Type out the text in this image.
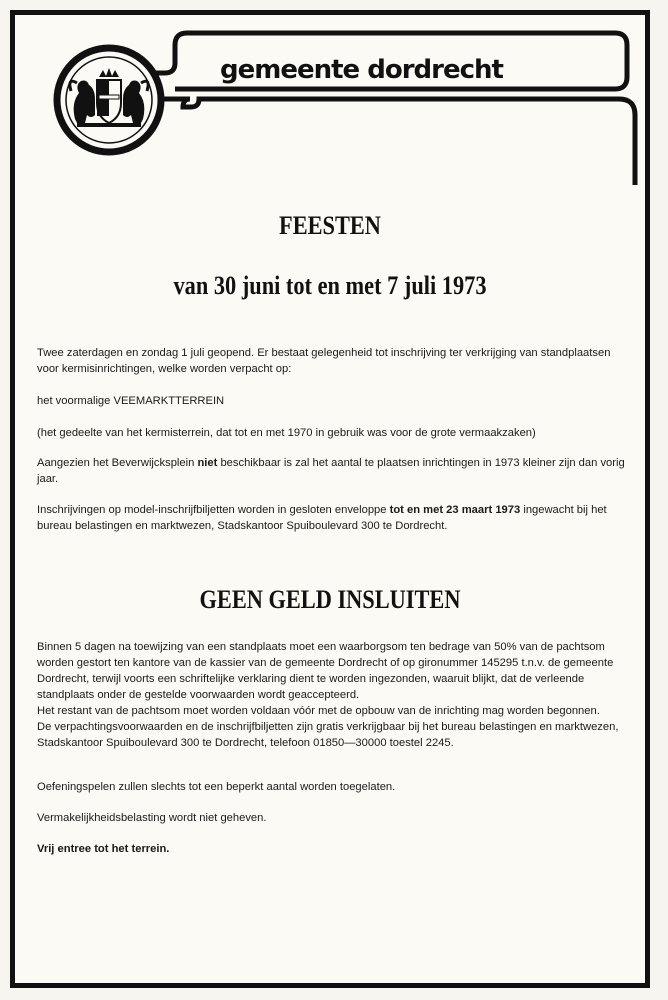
gemeente dordrecht
FEESTEN
van 30 juni tot en met 7 juli 1973

Twee zaterdagen en zondag 1 juli geopend. Er bestaat gelegenheid tot inschrijving ter verkrijging van standplaatsen voor kermisinrichtingen, welke worden verpacht op:

het voormalige VEEMARKTTERREIN

(het gedeelte van het kermisterrein, dat tot en met 1970 in gebruik was voor de grote vermaakzaken)

Aangezien het Beverwijcksplein niet beschikbaar is zal het aantal te plaatsen inrichtingen in 1973 kleiner zijn dan vorig jaar.

Inschrijvingen op model-inschrijfbiljetten worden in gesloten enveloppe tot en met 23 maart 1973 ingewacht bij het bureau belastingen en marktwezen, Stadskantoor Spuiboulevard 300 te Dordrecht.

GEEN GELD INSLUITEN

Binnen 5 dagen na toewijzing van een standplaats moet een waarborgsom ten bedrage van 50% van de pachtsom worden gestort ten kantore van de kassier van de gemeente Dordrecht of op gironummer 145295 t.n.v. de gemeente Dordrecht, terwijl voorts een schriftelijke verklaring dient te worden ingezonden, waaruit blijkt, dat de verleende standplaats onder de gestelde voorwaarden wordt geaccepteerd.

Het restant van de pachtsom moet worden voldaan vóór met de opbouw van de inrichting mag worden begonnen.

De verpachtingsvoorwaarden en de inschrijfbiljetten zijn gratis verkrijgbaar bij het bureau belastingen en marktwezen, Stadskantoor Spuiboulevard 300 te Dordrecht, telefoon 01850—30000 toestel 2245.

Oefeningspelen zullen slechts tot een beperkt aantal worden toegelaten.

Vermakelijkheidsbelasting wordt niet geheven.

Vrij entree tot het terrein.
